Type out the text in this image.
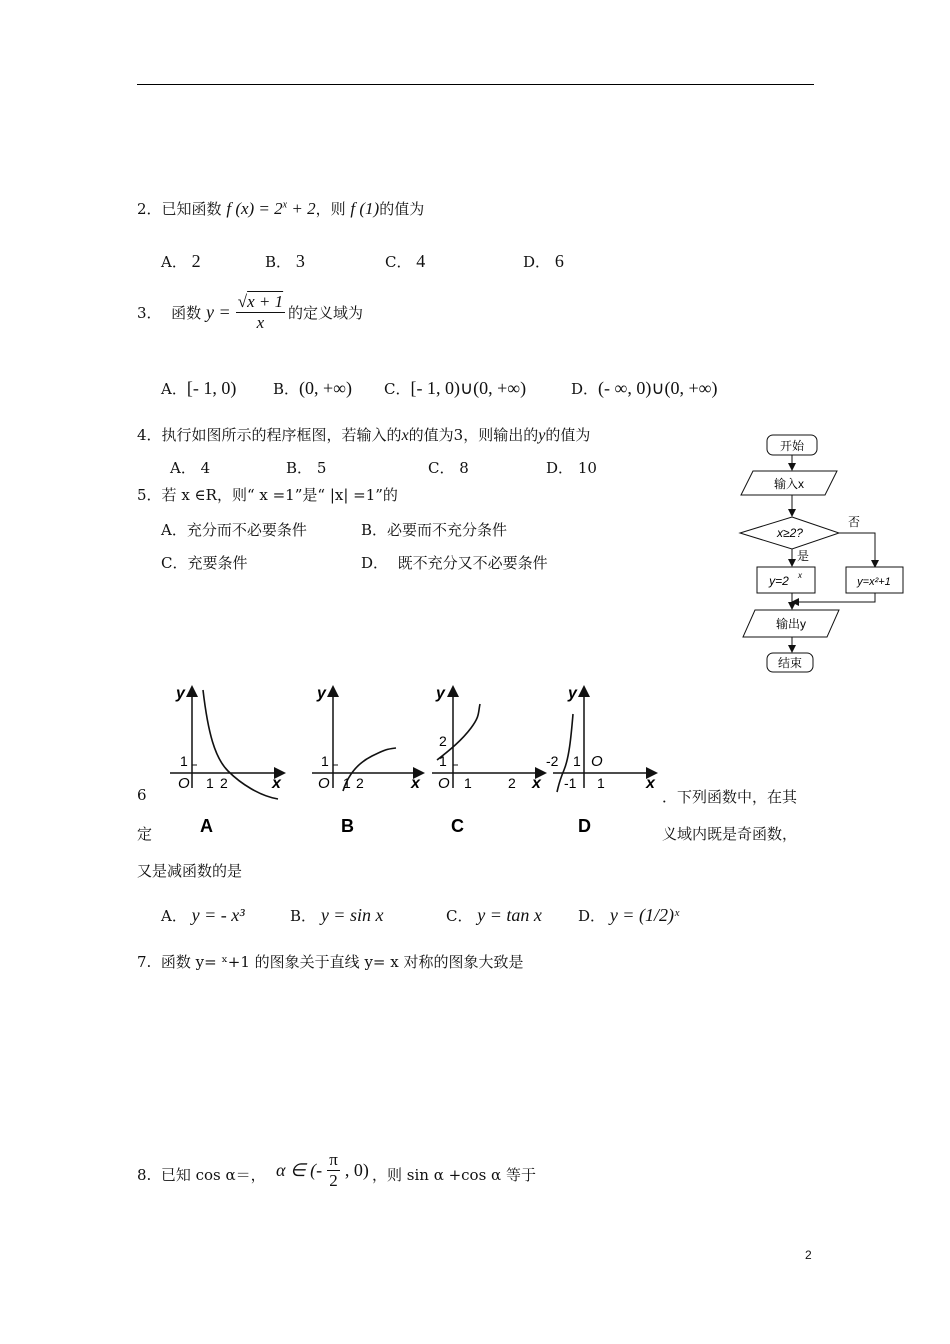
2．已知函数 f $(x) = 2^x + 2$，则 f (1)的值为
A． 2	B． 3	C． 4	D． 6
3． 函数 $y = \frac{√x + 1}{x}$ 的定义域为
A．[- 1, 0) B．(0, +∞) C．[- 1, 0)∪(0, +∞)	D．(- ∞, 0)∪(0, +∞)
4．执行如图所示的程序框图，若输入的x的值为3，则输出的y的值为
A． 4	B． 5	C． 8	D． 10
开始
输入x
x≥2?
否
是
y=2 x
y=x²+1
输出y
结束
5．若 x ∈R，则“ x =1”是“ |x| =1”的
A．充分而不必要条件	B．必要而不充分条件
C．充要条件	D． 既不充分又不必要条件
y
x
O
1
1 2
A
y
x
O
1
1 2
B
y
x
2
1
O 1	2
C
y
x
-2 1 O
-1 1
D
6	．下列函数中，在其
定	义域内既是奇函数，
又是减函数的是
A． y = - x³	B． y = sin x	C． y = tan x D． y = (1/2)ˣ
7. 函数 y= ˣ+1 的图象关于直线 y= x 对称的图象大致是
8. 已知 cos α＝， α ∈ (- $\frac{\pi}{2}$ , 0) ，则 sin α +cos α 等于
2
